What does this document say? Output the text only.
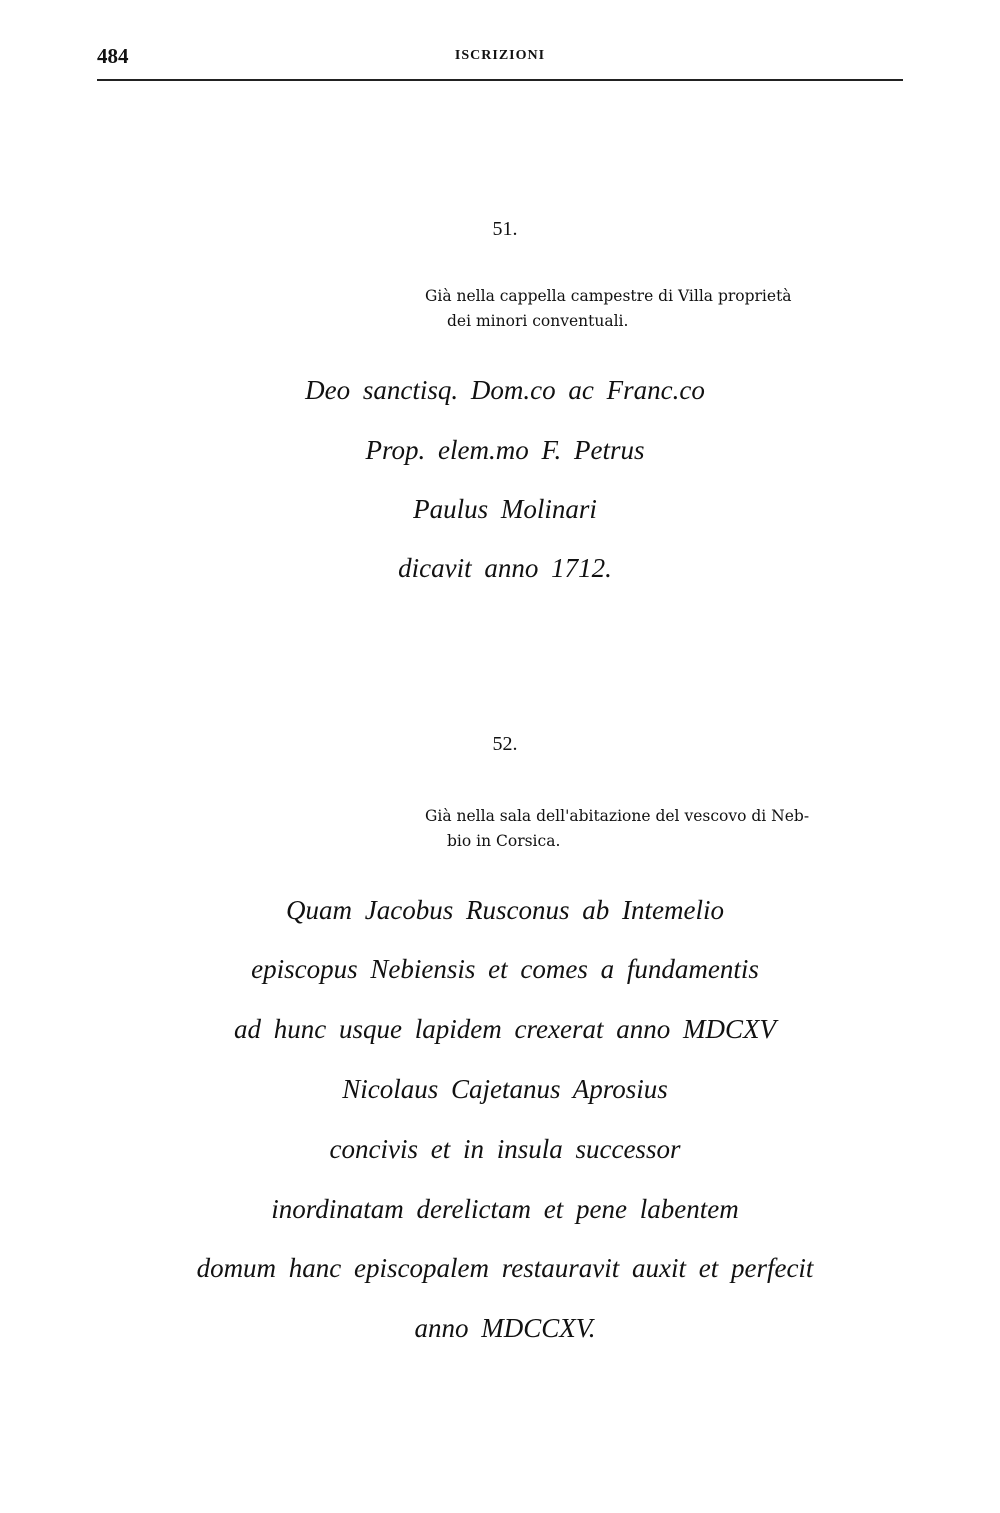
484	ISCRIZIONI
51.
Già nella cappella campestre di Villa proprietà
dei minori conventuali.
Deo sanctisq. Dom.co ac Franc.co
Prop. elem.mo F. Petrus
Paulus Molinari
dicavit anno 1712.
52.
Già nella sala dell'abitazione del vescovo di Neb-
bio in Corsica.
Quam Jacobus Rusconus ab Intemelio
episcopus Nebiensis et comes a fundamentis
ad hunc usque lapidem crexerat anno MDCXV
Nicolaus Cajetanus Aprosius
concivis et in insula successor
inordinatam derelictam et pene labentem
domum hanc episcopalem restauravit auxit et perfecit
anno MDCCXV.
